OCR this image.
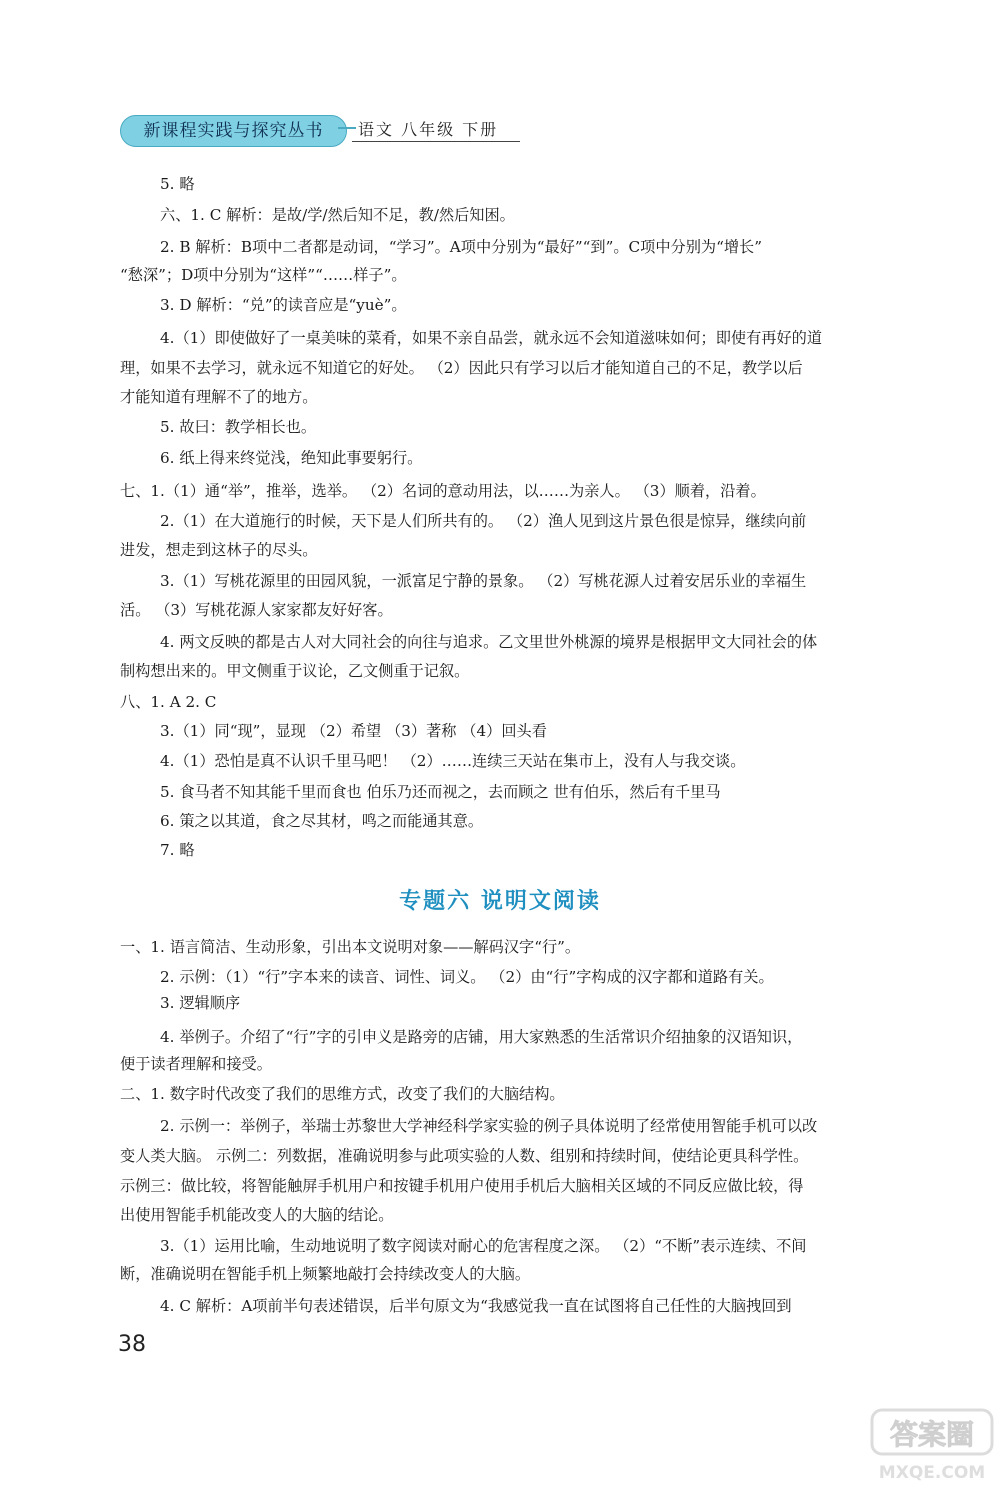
新课程实践与探究丛书	语文 八年级 下册
5. 略
六、1. C 解析：是故/学/然后知不足，教/然后知困。
2. B 解析：B项中二者都是动词，“学习”。A项中分别为“最好”“到”。C项中分别为“增长”
“愁深”；D项中分别为“这样”“……样子”。
3. D 解析：“兑”的读音应是“yuè”。
4.（1）即使做好了一桌美味的菜肴，如果不亲自品尝，就永远不会知道滋味如何；即使有再好的道
理，如果不去学习，就永远不知道它的好处。 （2）因此只有学习以后才能知道自己的不足，教学以后
才能知道有理解不了的地方。
5. 故曰：教学相长也。
6. 纸上得来终觉浅，绝知此事要躬行。
七、1.（1）通“举”，推举，选举。 （2）名词的意动用法，以……为亲人。 （3）顺着，沿着。
2.（1）在大道施行的时候，天下是人们所共有的。 （2）渔人见到这片景色很是惊异，继续向前
进发，想走到这林子的尽头。
3.（1）写桃花源里的田园风貌，一派富足宁静的景象。 （2）写桃花源人过着安居乐业的幸福生
活。 （3）写桃花源人家家都友好好客。
4. 两文反映的都是古人对大同社会的向往与追求。乙文里世外桃源的境界是根据甲文大同社会的体
制构想出来的。甲文侧重于议论，乙文侧重于记叙。
八、1. A 2. C
3.（1）同“现”，显现 （2）希望 （3）著称 （4）回头看
4.（1）恐怕是真不认识千里马吧！ （2）……连续三天站在集市上，没有人与我交谈。
5. 食马者不知其能千里而食也 伯乐乃还而视之，去而顾之 世有伯乐，然后有千里马
6. 策之以其道，食之尽其材，鸣之而能通其意。
7. 略
专题六 说明文阅读
一、1. 语言简洁、生动形象，引出本文说明对象——解码汉字“行”。
2. 示例：（1）“行”字本来的读音、词性、词义。 （2）由“行”字构成的汉字都和道路有关。
3. 逻辑顺序
4. 举例子。介绍了“行”字的引申义是路旁的店铺，用大家熟悉的生活常识介绍抽象的汉语知识，
便于读者理解和接受。
二、1. 数字时代改变了我们的思维方式，改变了我们的大脑结构。
2. 示例一：举例子，举瑞士苏黎世大学神经科学家实验的例子具体说明了经常使用智能手机可以改
变人类大脑。 示例二：列数据，准确说明参与此项实验的人数、组别和持续时间，使结论更具科学性。
示例三：做比较，将智能触屏手机用户和按键手机用户使用手机后大脑相关区域的不同反应做比较，得
出使用智能手机能改变人的大脑的结论。
3.（1）运用比喻，生动地说明了数字阅读对耐心的危害程度之深。 （2）“不断”表示连续、不间
断，准确说明在智能手机上频繁地敲打会持续改变人的大脑。
4. C 解析：A项前半句表述错误，后半句原文为“我感觉我一直在试图将自己任性的大脑拽回到
38
答案圈
MXQE.COM
